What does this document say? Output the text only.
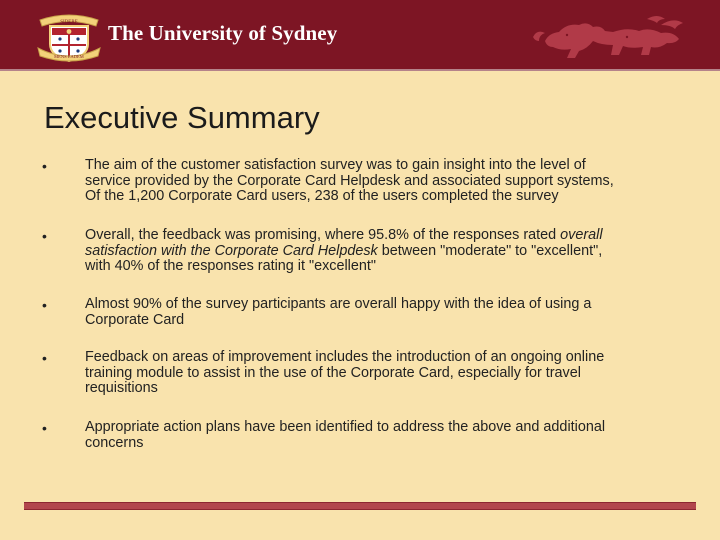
SIDERE
MENS EADEM
The University of Sydney
Executive Summary
•	The aim of the customer satisfaction survey was to gain insight into the level of
service provided by the Corporate Card Helpdesk and associated support systems,
Of the 1,200 Corporate Card users, 238 of the users completed the survey
•	Overall, the feedback was promising, where 95.8% of the responses rated overall
satisfaction with the Corporate Card Helpdesk between "moderate" to "excellent",
with 40% of the responses rating it "excellent"
•	Almost 90% of the survey participants are overall happy with the idea of using a
Corporate Card
•	Feedback on areas of improvement includes the introduction of an ongoing online
training module to assist in the use of the Corporate Card, especially for travel
requisitions
•	Appropriate action plans have been identified to address the above and additional
concerns
